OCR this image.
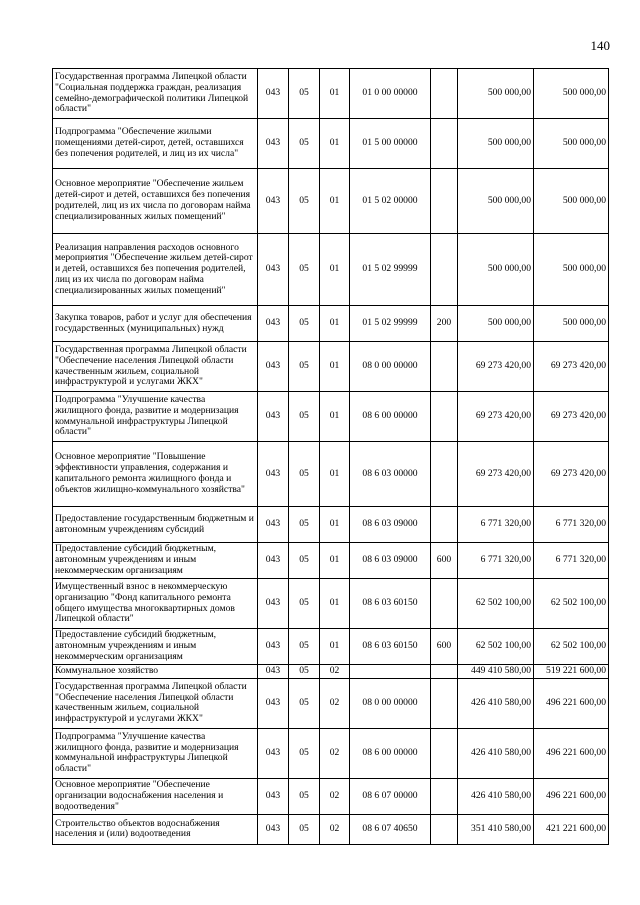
140
Государственная программа Липецкой области "Социальная поддержка граждан, реализация семейно-демографической политики Липецкой области"	043	05	01	01 0 00 00000		500 000,00	500 000,00
Подпрограмма "Обеспечение жилыми помещениями детей-сирот, детей, оставшихся без попечения родителей, и лиц из их числа"	043	05	01	01 5 00 00000		500 000,00	500 000,00
Основное мероприятие "Обеспечение жильем детей-сирот и детей, оставшихся без попечения родителей, лиц из их числа по договорам найма специализированных жилых помещений"	043	05	01	01 5 02 00000		500 000,00	500 000,00
Реализация направления расходов основного мероприятия "Обеспечение жильем детей-сирот и детей, оставшихся без попечения родителей, лиц из их числа по договорам найма специализированных жилых помещений"	043	05	01	01 5 02 99999		500 000,00	500 000,00
Закупка товаров, работ и услуг для обеспечения государственных (муниципальных) нужд	043	05	01	01 5 02 99999	200	500 000,00	500 000,00
Государственная программа Липецкой области "Обеспечение населения Липецкой области качественным жильем, социальной инфраструктурой и услугами ЖКХ"	043	05	01	08 0 00 00000		69 273 420,00	69 273 420,00
Подпрограмма "Улучшение качества жилищного фонда, развитие и модернизация коммунальной инфраструктуры Липецкой области"	043	05	01	08 6 00 00000		69 273 420,00	69 273 420,00
Основное мероприятие "Повышение эффективности управления, содержания и капитального ремонта жилищного фонда и объектов жилищно-коммунального хозяйства"	043	05	01	08 6 03 00000		69 273 420,00	69 273 420,00
Предоставление государственным бюджетным и автономным учреждениям субсидий	043	05	01	08 6 03 09000		6 771 320,00	6 771 320,00
Предоставление субсидий бюджетным, автономным учреждениям и иным некоммерческим организациям	043	05	01	08 6 03 09000	600	6 771 320,00	6 771 320,00
Имущественный взнос в некоммерческую организацию "Фонд капитального ремонта общего имущества многоквартирных домов Липецкой области"	043	05	01	08 6 03 60150		62 502 100,00	62 502 100,00
Предоставление субсидий бюджетным, автономным учреждениям и иным некоммерческим организациям	043	05	01	08 6 03 60150	600	62 502 100,00	62 502 100,00
Коммунальное хозяйство	043	05	02			449 410 580,00	519 221 600,00
Государственная программа Липецкой области "Обеспечение населения Липецкой области качественным жильем, социальной инфраструктурой и услугами ЖКХ"	043	05	02	08 0 00 00000		426 410 580,00	496 221 600,00
Подпрограмма "Улучшение качества жилищного фонда, развитие и модернизация коммунальной инфраструктуры Липецкой области"	043	05	02	08 6 00 00000		426 410 580,00	496 221 600,00
Основное мероприятие "Обеспечение организации водоснабжения населения и водоотведения"	043	05	02	08 6 07 00000		426 410 580,00	496 221 600,00
Строительство объектов водоснабжения населения и (или) водоотведения	043	05	02	08 6 07 40650		351 410 580,00	421 221 600,00
